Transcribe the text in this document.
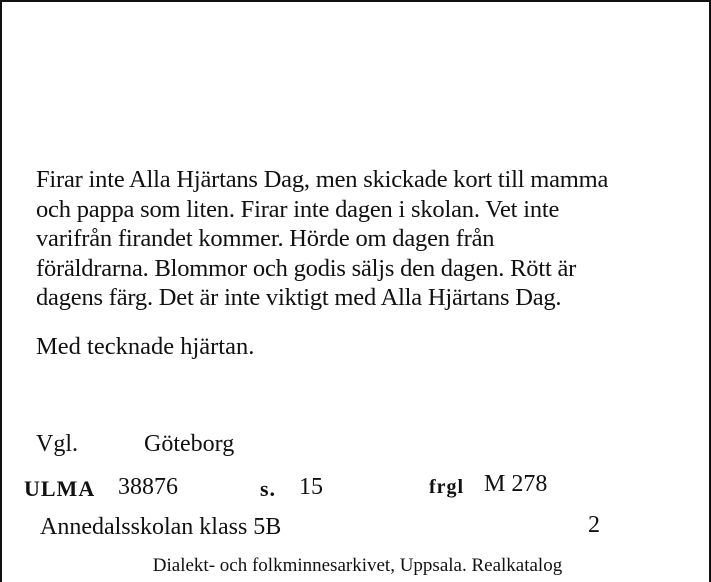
Firar inte Alla Hjärtans Dag, men skickade kort till mamma

och pappa som liten. Firar inte dagen i skolan. Vet inte

varifrån firandet kommer. Hörde om dagen från

föräldrarna. Blommor och godis säljs den dagen. Rött är

dagens färg. Det är inte viktigt med Alla Hjärtans Dag.

Med tecknade hjärtan.
Vgl.	Göteborg
ULMA 38876	s. 15	frgl M 278
Annedalsskolan klass 5B	2
Dialekt- och folkminnesarkivet, Uppsala. Realkatalog
